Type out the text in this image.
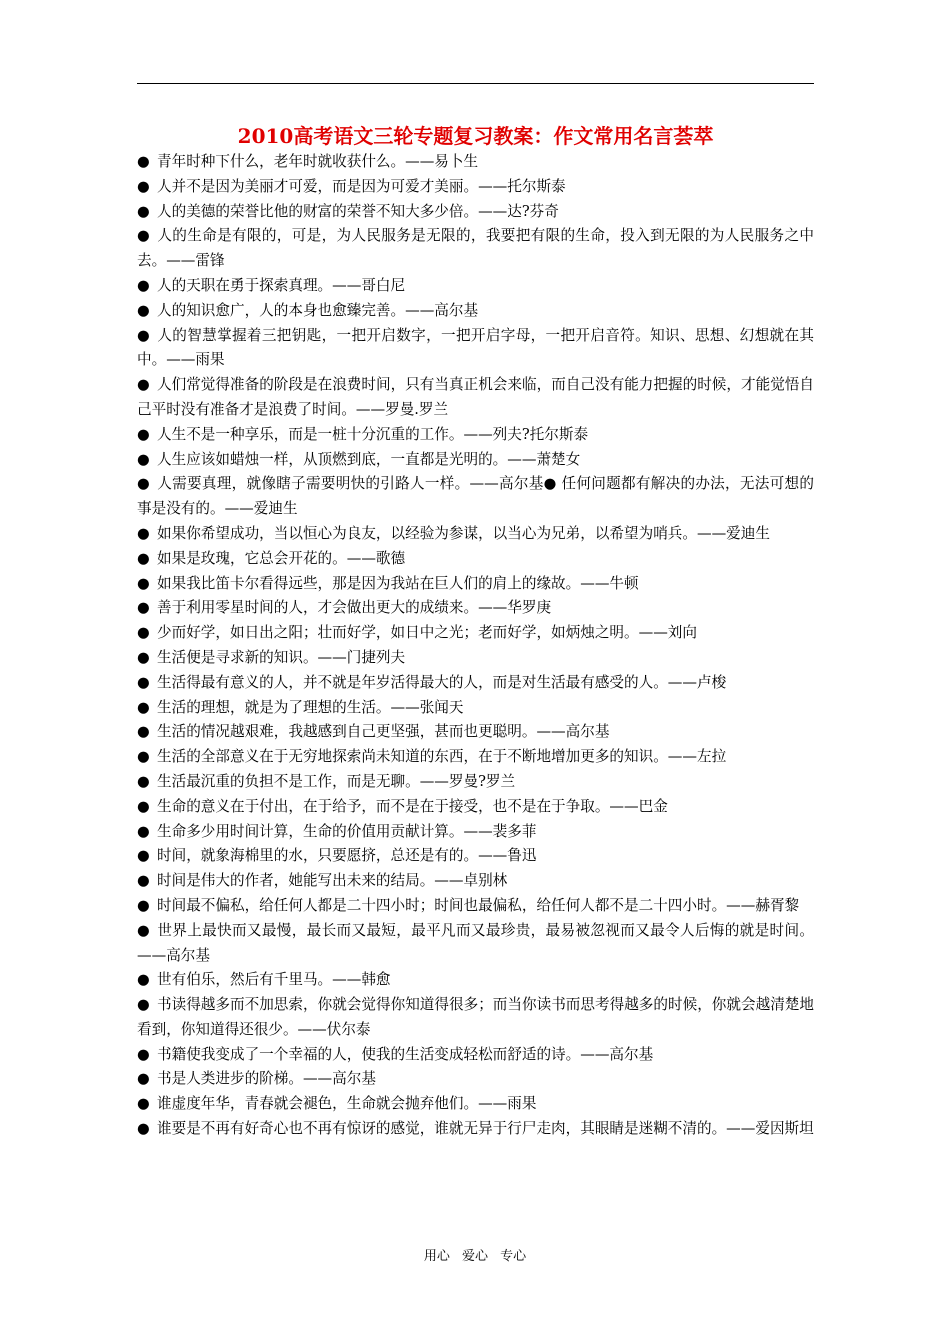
2010高考语文三轮专题复习教案：作文常用名言荟萃

● 青年时种下什么，老年时就收获什么。——易卜生

● 人并不是因为美丽才可爱，而是因为可爱才美丽。——托尔斯泰

● 人的美德的荣誉比他的财富的荣誉不知大多少倍。——达?芬奇

● 人的生命是有限的，可是，为人民服务是无限的，我要把有限的生命，投入到无限的为人民服务之中去。——雷锋

● 人的天职在勇于探索真理。——哥白尼

● 人的知识愈广，人的本身也愈臻完善。——高尔基

● 人的智慧掌握着三把钥匙，一把开启数字，一把开启字母，一把开启音符。知识、思想、幻想就在其中。——雨果

● 人们常觉得准备的阶段是在浪费时间，只有当真正机会来临，而自己没有能力把握的时候，才能觉悟自己平时没有准备才是浪费了时间。——罗曼.罗兰

● 人生不是一种享乐，而是一桩十分沉重的工作。——列夫?托尔斯泰

● 人生应该如蜡烛一样，从顶燃到底，一直都是光明的。——萧楚女

● 人需要真理，就像瞎子需要明快的引路人一样。——高尔基● 任何问题都有解决的办法，无法可想的事是没有的。——爱迪生

● 如果你希望成功，当以恒心为良友，以经验为参谋，以当心为兄弟，以希望为哨兵。——爱迪生

● 如果是玫瑰，它总会开花的。——歌德

● 如果我比笛卡尔看得远些，那是因为我站在巨人们的肩上的缘故。——牛顿

● 善于利用零星时间的人，才会做出更大的成绩来。——华罗庚

● 少而好学，如日出之阳；壮而好学，如日中之光；老而好学，如炳烛之明。——刘向

● 生活便是寻求新的知识。——门捷列夫

● 生活得最有意义的人，并不就是年岁活得最大的人，而是对生活最有感受的人。——卢梭

● 生活的理想，就是为了理想的生活。——张闻天

● 生活的情况越艰难，我越感到自己更坚强，甚而也更聪明。——高尔基

● 生活的全部意义在于无穷地探索尚未知道的东西，在于不断地增加更多的知识。——左拉

● 生活最沉重的负担不是工作，而是无聊。——罗曼?罗兰

● 生命的意义在于付出，在于给予，而不是在于接受，也不是在于争取。——巴金

● 生命多少用时间计算，生命的价值用贡献计算。——裴多菲

● 时间，就象海棉里的水，只要愿挤，总还是有的。——鲁迅

● 时间是伟大的作者，她能写出未来的结局。——卓别林

● 时间最不偏私，给任何人都是二十四小时；时间也最偏私，给任何人都不是二十四小时。——赫胥黎

● 世界上最快而又最慢，最长而又最短，最平凡而又最珍贵，最易被忽视而又最令人后悔的就是时间。——高尔基

● 世有伯乐，然后有千里马。——韩愈

● 书读得越多而不加思索，你就会觉得你知道得很多；而当你读书而思考得越多的时候，你就会越清楚地看到，你知道得还很少。——伏尔泰

● 书籍使我变成了一个幸福的人，使我的生活变成轻松而舒适的诗。——高尔基

● 书是人类进步的阶梯。——高尔基

● 谁虚度年华，青春就会褪色，生命就会抛弃他们。——雨果

● 谁要是不再有好奇心也不再有惊讶的感觉，谁就无异于行尸走肉，其眼睛是迷糊不清的。——爱因斯坦

用心 爱心 专心
